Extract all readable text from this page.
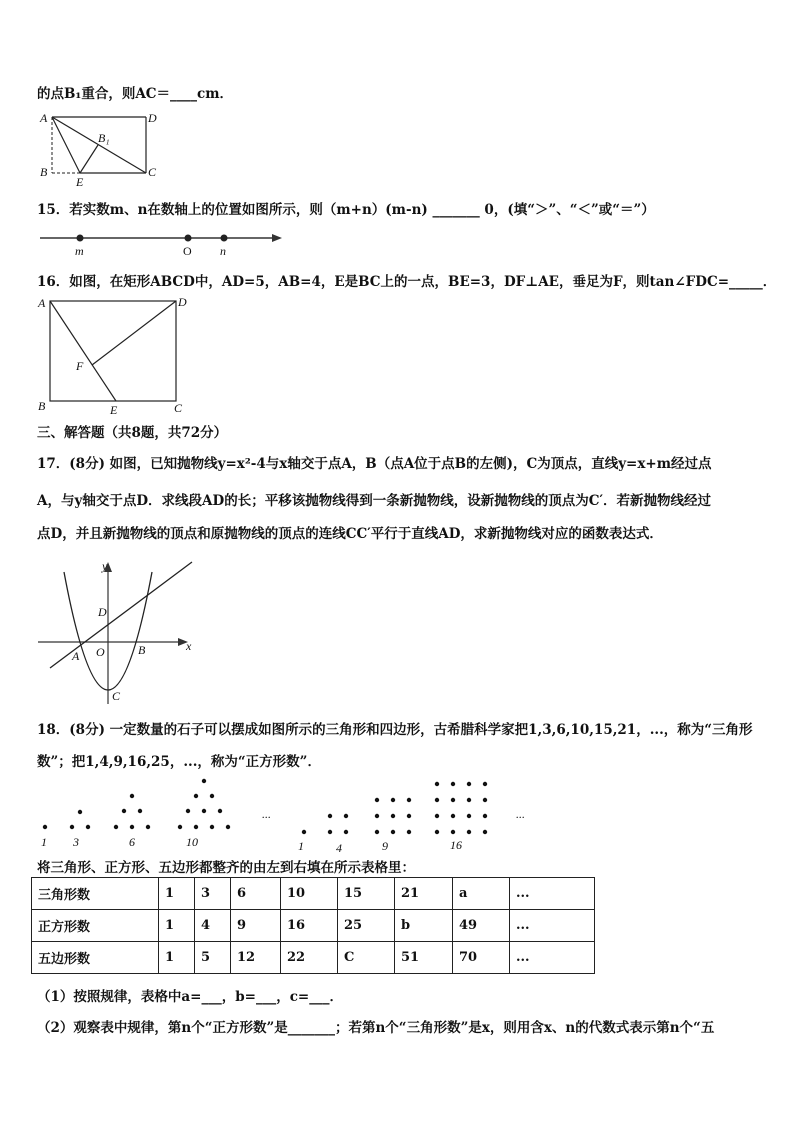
的点B₁重合，则AC＝____cm．
A	D
B₁
B
E
C
15．若实数m、n在数轴上的位置如图所示，则（m+n）(m-n) _______ 0，(填“＞”、“＜”或“＝”）
m	O n
16．如图，在矩形ABCD中，AD=5，AB=4，E是BC上的一点，BE=3，DF⊥AE，垂足为F，则tan∠FDC=_____．
A	D
F
B	E	C
三、解答题（共8题，共72分）
17．(8分) 如图，已知抛物线y=x²-4与x轴交于点A，B（点A位于点B的左侧)，C为顶点，直线y=x+m经过点
A，与y轴交于点D．求线段AD的长；平移该抛物线得到一条新抛物线，设新抛物线的顶点为C′．若新抛物线经过
点D，并且新抛物线的顶点和原抛物线的顶点的连线CC′平行于直线AD，求新抛物线对应的函数表达式．
y
D
A O	B	x
C
18．(8分) 一定数量的石子可以摆成如图所示的三角形和四边形，古希腊科学家把1,3,6,10,15,21，...，称为“三角形
数”；把1,4,9,16,25，...，称为“正方形数”．
1 3	6	10
...
1	4	9	16
...
将三角形、正方形、五边形都整齐的由左到右填在所示表格里：
三角形数	1	3	6	10	15	21	a	...
正方形数	1	4	9	16	25	b	49	...
五边形数	1	5	12	22	C	51	70	...
（1）按照规律，表格中a=___，b=___，c=___．
（2）观察表中规律，第n个“正方形数”是_______；若第n个“三角形数”是x，则用含x、n的代数式表示第n个“五
